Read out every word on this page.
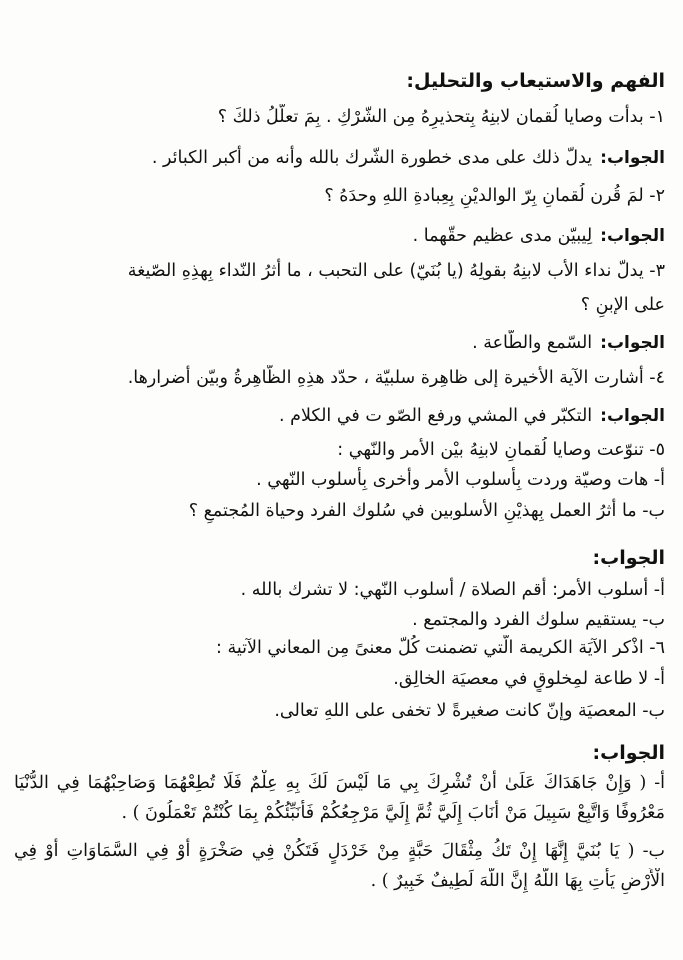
الفهم والاستيعاب والتحليل:
١- بدأت وصايا لُقمان لابنِهُ بِتحذيرِهُ مِن الشّرْكِ . بِمَ تعلّلُ ذلكَ ؟
الجواب:يدلّ ذلك على مدى خطورة الشّرك بالله وأنه من أكبر الكبائر .
٢- لمَ قُرن لُقمانِ بِرّ الوالديْنِ بِعِبادةِ اللهِ وحدَهُ ؟
الجواب:لِيبيّن مدى عظيم حقّهما .
٣- يدلّ نداء الأب لابنِهُ بقولِهُ (يا بُنَيّ) على التحبب ، ما أثرُ النّداء بِهذِهِ الصّيغة
على الإبنِ ؟
الجواب:السّمع والطّاعة .
٤- أشارت الآية الأخيرة إلى ظاهِرة سلبيّة ، حدّد هذِهِ الظّاهِرةُ وبيّن أضرارها.
الجواب:التكبّر في المشي ورفع الصّو ت في الكلام .
٥- تنوّعت وصايا لُقمانِ لابنِهُ بيْن الأمر والنّهي :
أ- هات وصيّة وردت بِأسلوب الأمر وأخرى بِأسلوب النّهي .
ب- ما أثرُ العمل بِهذيْنِ الأسلوبين في سُلوك الفرد وحياة المُجتمعِ ؟
الجواب:
أ- أسلوب الأمر: أقم الصلاة / أسلوب النّهي: لا تشرك بالله .
ب- يستقيم سلوك الفرد والمجتمع .
٦- اذْكر الآيَة الكريمة الّتي تضمنت كُلّ معنىً مِن المعاني الآتية :
أ- لا طاعة لمِخلوقٍ في معصيَة الخالِق.
ب- المعصيَة وإنّ كانت صغيرةً لا تخفى على اللهِ تعالى.
الجواب:
أ- ( وَإِنْ جَاهَدَاكَ عَلَىٰ أَنْ تُشْرِكَ بِي مَا لَيْسَ لَكَ بِهِ عِلْمٌ فَلَا تُطِعْهُمَا وَصَاحِبْهُمَا فِي الدُّنْيَا
مَعْرُوفًا وَاتَّبِعْ سَبِيلَ مَنْ أَنَابَ إِلَيَّ ثُمَّ إِلَيَّ مَرْجِعُكُمْ فَأُنَبِّئُكُمْ بِمَا كُنْتُمْ تَعْمَلُونَ ) .
ب- ( يَا بُنَيَّ إِنَّهَا إِنْ تَكُ مِثْقَالَ حَبَّةٍ مِنْ خَرْدَلٍ فَتَكُنْ فِي صَخْرَةٍ أَوْ فِي السَّمَاوَاتِ أَوْ فِي
الْأَرْضِ يَأْتِ بِهَا اللَّهُ إِنَّ اللَّهَ لَطِيفٌ خَبِيرٌ ) .
